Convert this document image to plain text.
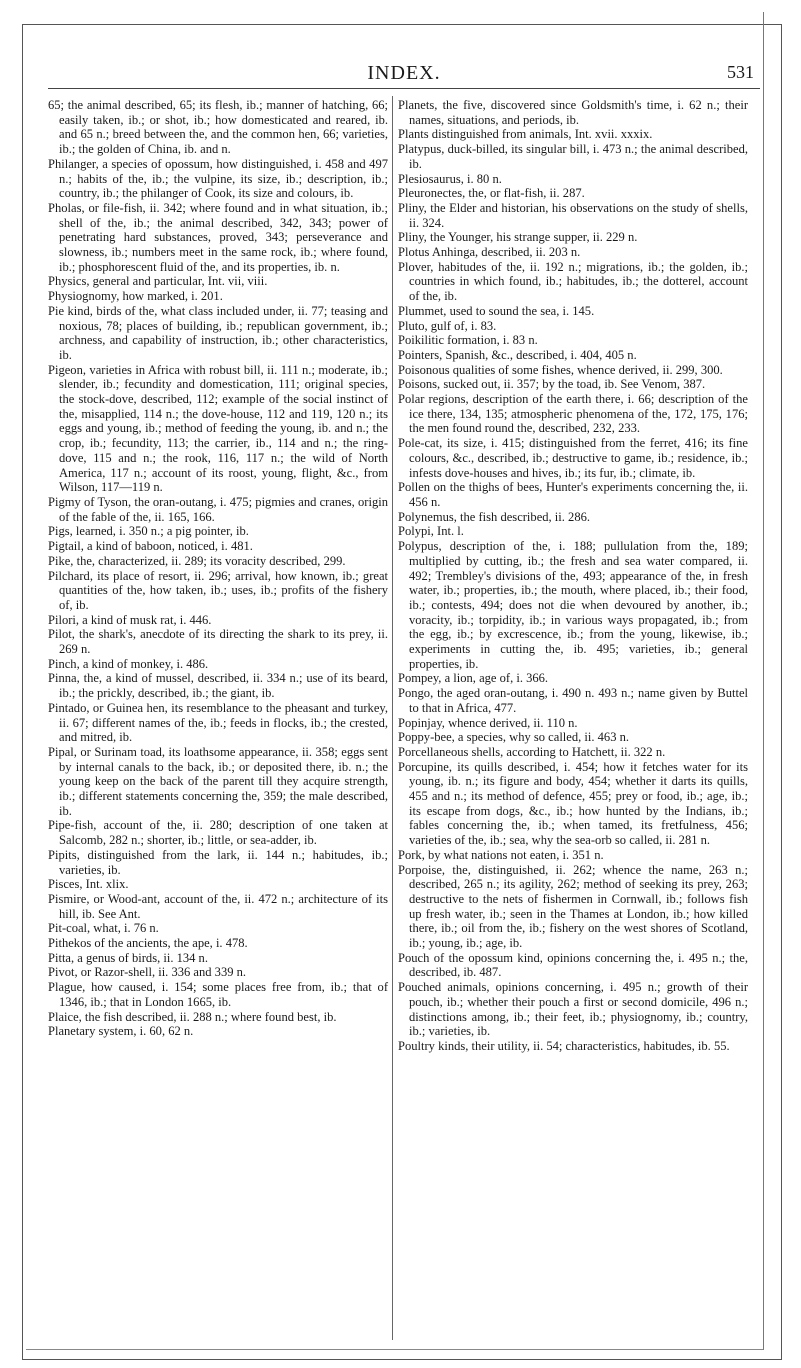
INDEX.	531

65; the animal described, 65; its flesh, ib.; manner of hatching, 66; easily taken, ib.; or shot, ib.; how domesticated and reared, ib. and 65 n.; breed between the, and the common hen, 66; varieties, ib.; the golden of China, ib. and n.

Philanger, a species of opossum, how distinguished, i. 458 and 497 n.; habits of the, ib.; the vulpine, its size, ib.; description, ib.; country, ib.; the philanger of Cook, its size and colours, ib.

Pholas, or file-fish, ii. 342; where found and in what situation, ib.; shell of the, ib.; the animal described, 342, 343; power of penetrating hard substances, proved, 343; perseverance and slowness, ib.; numbers meet in the same rock, ib.; where found, ib.; phosphorescent fluid of the, and its properties, ib. n.

Physics, general and particular, Int. vii, viii.

Physiognomy, how marked, i. 201.

Pie kind, birds of the, what class included under, ii. 77; teasing and noxious, 78; places of building, ib.; republican government, ib.; archness, and capability of instruction, ib.; other characteristics, ib.

Pigeon, varieties in Africa with robust bill, ii. 111 n.; moderate, ib.; slender, ib.; fecundity and domestication, 111; original species, the stock-dove, described, 112; example of the social instinct of the, misapplied, 114 n.; the dove-house, 112 and 119, 120 n.; its eggs and young, ib.; method of feeding the young, ib. and n.; the crop, ib.; fecundity, 113; the carrier, ib., 114 and n.; the ring-dove, 115 and n.; the rook, 116, 117 n.; the wild of North America, 117 n.; account of its roost, young, flight, &c., from Wilson, 117—119 n.

Pigmy of Tyson, the oran-outang, i. 475; pigmies and cranes, origin of the fable of the, ii. 165, 166.

Pigs, learned, i. 350 n.; a pig pointer, ib.

Pigtail, a kind of baboon, noticed, i. 481.

Pike, the, characterized, ii. 289; its voracity described, 299.

Pilchard, its place of resort, ii. 296; arrival, how known, ib.; great quantities of the, how taken, ib.; uses, ib.; profits of the fishery of, ib.

Pilori, a kind of musk rat, i. 446.

Pilot, the shark's, anecdote of its directing the shark to its prey, ii. 269 n.

Pinch, a kind of monkey, i. 486.

Pinna, the, a kind of mussel, described, ii. 334 n.; use of its beard, ib.; the prickly, described, ib.; the giant, ib.

Pintado, or Guinea hen, its resemblance to the pheasant and turkey, ii. 67; different names of the, ib.; feeds in flocks, ib.; the crested, and mitred, ib.

Pipal, or Surinam toad, its loathsome appearance, ii. 358; eggs sent by internal canals to the back, ib.; or deposited there, ib. n.; the young keep on the back of the parent till they acquire strength, ib.; different statements concerning the, 359; the male described, ib.

Pipe-fish, account of the, ii. 280; description of one taken at Salcomb, 282 n.; shorter, ib.; little, or sea-adder, ib.

Pipits, distinguished from the lark, ii. 144 n.; habitudes, ib.; varieties, ib.

Pisces, Int. xlix.

Pismire, or Wood-ant, account of the, ii. 472 n.; architecture of its hill, ib. See Ant.

Pit-coal, what, i. 76 n.

Pithekos of the ancients, the ape, i. 478.

Pitta, a genus of birds, ii. 134 n.

Pivot, or Razor-shell, ii. 336 and 339 n.

Plague, how caused, i. 154; some places free from, ib.; that of 1346, ib.; that in London 1665, ib.

Plaice, the fish described, ii. 288 n.; where found best, ib.

Planetary system, i. 60, 62 n.

Planets, the five, discovered since Goldsmith's time, i. 62 n.; their names, situations, and periods, ib.

Plants distinguished from animals, Int. xvii. xxxix.

Platypus, duck-billed, its singular bill, i. 473 n.; the animal described, ib.

Plesiosaurus, i. 80 n.

Pleuronectes, the, or flat-fish, ii. 287.

Pliny, the Elder and historian, his observations on the study of shells, ii. 324.

Pliny, the Younger, his strange supper, ii. 229 n.

Plotus Anhinga, described, ii. 203 n.

Plover, habitudes of the, ii. 192 n.; migrations, ib.; the golden, ib.; countries in which found, ib.; habitudes, ib.; the dotterel, account of the, ib.

Plummet, used to sound the sea, i. 145.

Pluto, gulf of, i. 83.

Poikilitic formation, i. 83 n.

Pointers, Spanish, &c., described, i. 404, 405 n.

Poisonous qualities of some fishes, whence derived, ii. 299, 300.

Poisons, sucked out, ii. 357; by the toad, ib. See Venom, 387.

Polar regions, description of the earth there, i. 66; description of the ice there, 134, 135; atmospheric phenomena of the, 172, 175, 176; the men found round the, described, 232, 233.

Pole-cat, its size, i. 415; distinguished from the ferret, 416; its fine colours, &c., described, ib.; destructive to game, ib.; residence, ib.; infests dove-houses and hives, ib.; its fur, ib.; climate, ib.

Pollen on the thighs of bees, Hunter's experiments concerning the, ii. 456 n.

Polynemus, the fish described, ii. 286.

Polypi, Int. l.

Polypus, description of the, i. 188; pullulation from the, 189; multiplied by cutting, ib.; the fresh and sea water compared, ii. 492; Trembley's divisions of the, 493; appearance of the, in fresh water, ib.; properties, ib.; the mouth, where placed, ib.; their food, ib.; contests, 494; does not die when devoured by another, ib.; voracity, ib.; torpidity, ib.; in various ways propagated, ib.; from the egg, ib.; by excrescence, ib.; from the young, likewise, ib.; experiments in cutting the, ib. 495; varieties, ib.; general properties, ib.

Pompey, a lion, age of, i. 366.

Pongo, the aged oran-outang, i. 490 n. 493 n.; name given by Buttel to that in Africa, 477.

Popinjay, whence derived, ii. 110 n.

Poppy-bee, a species, why so called, ii. 463 n.

Porcellaneous shells, according to Hatchett, ii. 322 n.

Porcupine, its quills described, i. 454; how it fetches water for its young, ib. n.; its figure and body, 454; whether it darts its quills, 455 and n.; its method of defence, 455; prey or food, ib.; age, ib.; its escape from dogs, &c., ib.; how hunted by the Indians, ib.; fables concerning the, ib.; when tamed, its fretfulness, 456; varieties of the, ib.; sea, why the sea-orb so called, ii. 281 n.

Pork, by what nations not eaten, i. 351 n.

Porpoise, the, distinguished, ii. 262; whence the name, 263 n.; described, 265 n.; its agility, 262; method of seeking its prey, 263; destructive to the nets of fishermen in Cornwall, ib.; follows fish up fresh water, ib.; seen in the Thames at London, ib.; how killed there, ib.; oil from the, ib.; fishery on the west shores of Scotland, ib.; young, ib.; age, ib.

Pouch of the opossum kind, opinions concerning the, i. 495 n.; the, described, ib. 487.

Pouched animals, opinions concerning, i. 495 n.; growth of their pouch, ib.; whether their pouch a first or second domicile, 496 n.; distinctions among, ib.; their feet, ib.; physiognomy, ib.; country, ib.; varieties, ib.

Poultry kinds, their utility, ii. 54; characteristics, habitudes, ib. 55.
